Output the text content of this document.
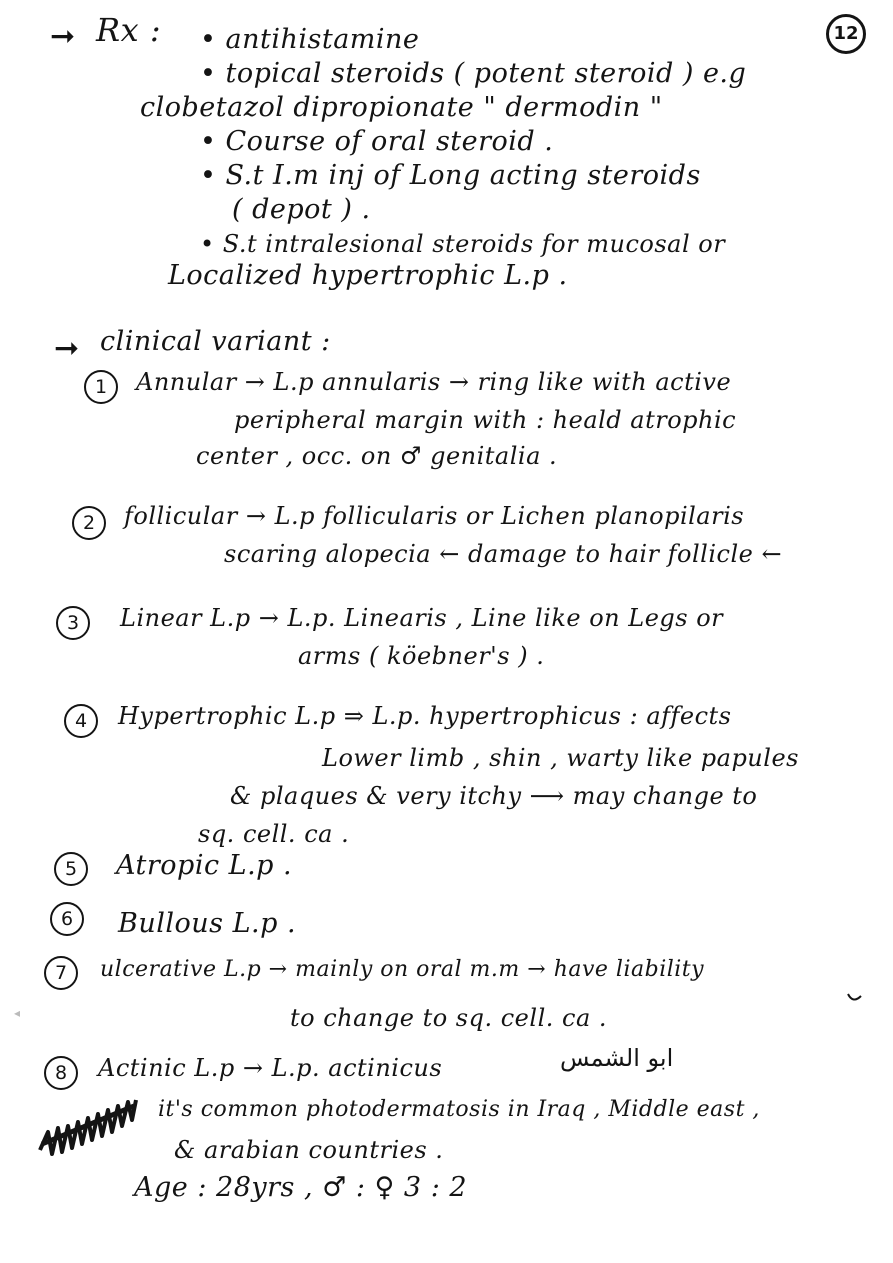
12
➞ Rx : • antihistamine
• topical steroids ( potent steroid ) e.g
clobetazol dipropionate " dermodin "
• Course of oral steroid .
• S.t I.m inj of Long acting steroids
( depot ) .
• S.t intralesional steroids for mucosal or
Localized hypertrophic L.p .
➞ clinical variant :
1	Annular → L.p annularis → ring like with active
peripheral margin with : heald atrophic
center , occ. on ♂ genitalia .
2	follicular → L.p follicularis or Lichen planopilaris
scaring alopecia ← damage to hair follicle ←
3	Linear L.p → L.p. Linearis , Line like on Legs or
arms ( köebner's ) .
4	Hypertrophic L.p ⇒ L.p. hypertrophicus : affects
Lower limb , shin , warty like papules
& plaques & very itchy ⟶ may change to
sq. cell. ca .
5	Atropic L.p .
6	Bullous L.p .
7	ulcerative L.p → mainly on oral m.m → have liability
to change to sq. cell. ca .
8	Actinic L.p → L.p. actinicus	ابو الشمس
it's common photodermatosis in Iraq , Middle east ,
& arabian countries .
Age : 28yrs , ♂ : ♀ 3 : 2
◂
